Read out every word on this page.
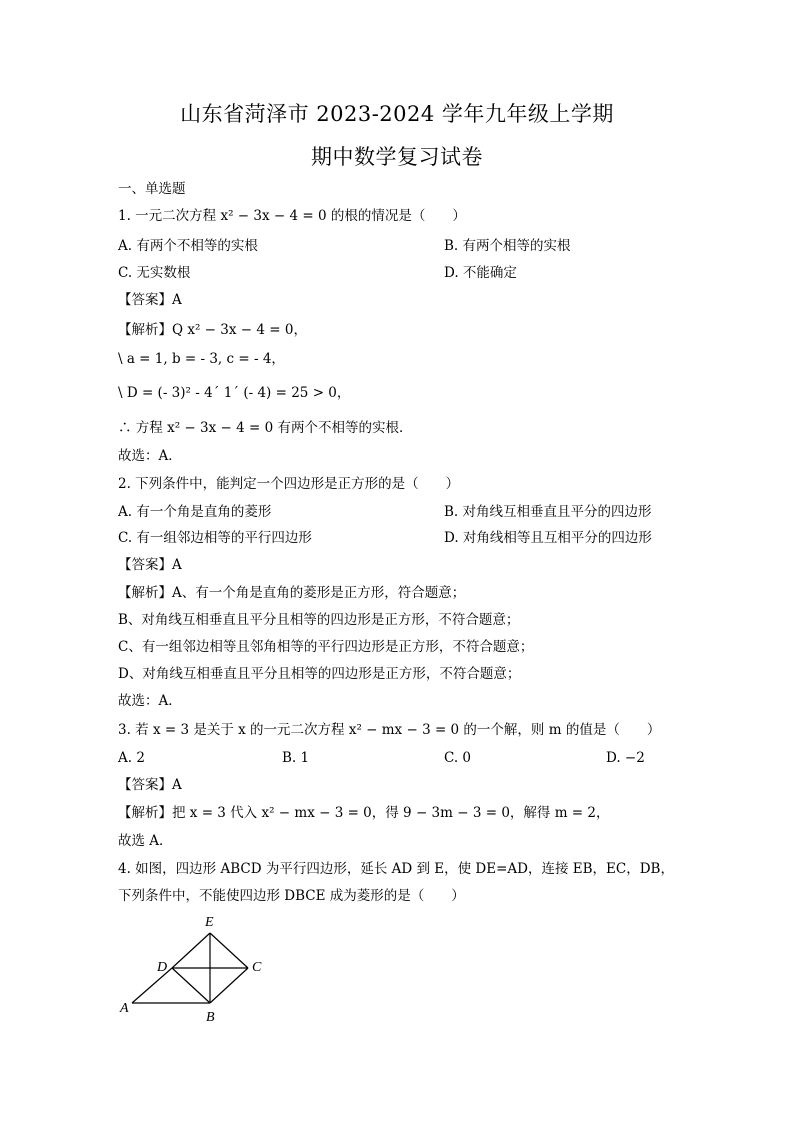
山东省菏泽市 2023-2024 学年九年级上学期
期中数学复习试卷
一、单选题
1. 一元二次方程 x² − 3x − 4 = 0 的根的情况是（　　）
A. 有两个不相等的实根	B. 有两个相等的实根
C. 无实数根	D. 不能确定
【答案】A
【解析】Q x² − 3x − 4 = 0，
\ a = 1, b = - 3, c = - 4，
\ D = (- 3)² - 4´ 1´ (- 4) = 25 > 0，
∴ 方程 x² − 3x − 4 = 0 有两个不相等的实根．
故选：A．
2. 下列条件中，能判定一个四边形是正方形的是（　　）
A. 有一个角是直角的菱形	B. 对角线互相垂直且平分的四边形
C. 有一组邻边相等的平行四边形	D. 对角线相等且互相平分的四边形
【答案】A
【解析】A、有一个角是直角的菱形是正方形，符合题意；
B、对角线互相垂直且平分且相等的四边形是正方形，不符合题意；
C、有一组邻边相等且邻角相等的平行四边形是正方形，不符合题意；
D、对角线互相垂直且平分且相等的四边形是正方形，不符合题意；
故选：A．
3. 若 x = 3 是关于 x 的一元二次方程 x² − mx − 3 = 0 的一个解，则 m 的值是（　　）
A. 2	B. 1	C. 0	D. −2
【答案】A
【解析】把 x = 3 代入 x² − mx − 3 = 0，得 9 − 3m − 3 = 0，解得 m = 2，
故选 A．
4. 如图，四边形 ABCD 为平行四边形，延长 AD 到 E，使 DE=AD，连接 EB，EC，DB，
下列条件中，不能使四边形 DBCE 成为菱形的是（　　）
E
D	C
A
B
